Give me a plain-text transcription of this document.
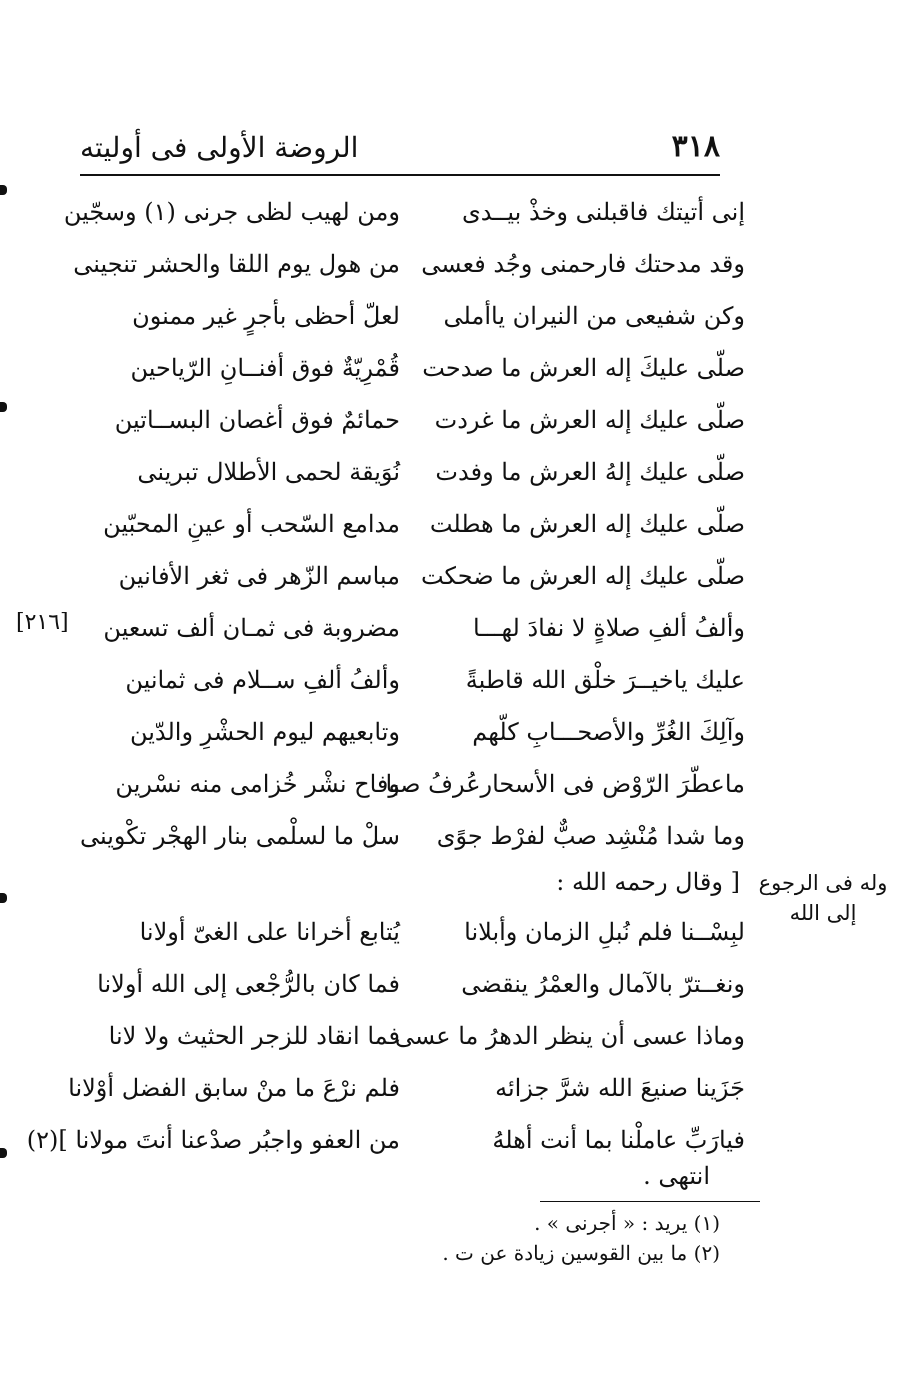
٣١٨
الروضة الأولى فى أوليته
إنى أتيتك فاقبلنى وخذْ بيــدى
ومن لهيب لظى جرنى (١) وسجّين
وقد مدحتك فارحمنى وجُد فعسى
من هول يوم اللقا والحشر تنجينى
وكن شفيعى من النيران ياأملى
لعلّ أحظى بأجرٍ غير ممنون
صلّى عليكَ إله العرش ما صدحت
قُمْرِيّةٌ فوق أفنــانِ الرّياحين
صلّى عليك إله العرش ما غردت
حمائمٌ فوق أغصان البســاتين
صلّى عليك إلهُ العرش ما وفدت
نُوَيقة لحمى الأطلال تبرينى
صلّى عليك إله العرش ما هطلت
مدامع السّحب أو عينِ المحبّين
صلّى عليك إله العرش ما ضحكت
مباسم الزّهر فى ثغر الأفانين
وألفُ ألفِ صلاةٍ لا نفادَ لهـــا
مضروبة فى ثمـان ألف تسعين
عليك ياخيــرَ خلْق الله قاطبةً
وألفُ ألفِ ســلام فى ثمانين
وآلِكَ الغُرِّ والأصحـــابِ كلّهم
وتابعيهم ليوم الحشْرِ والدّين
ماعطّرَ الرّوْض فى الأسحارعُرفُ صبا
وفاح نشْر خُزامى منه نسْرين
وما شدا مُنْشِد صبٌّ لفرْط جوًى
سلْ ما لسلْمى بنار الهجْر تكْوينى
[ وقال رحمه الله : وله فى الرجوع إلى الله
[٢١٦]
لبِسْــنا فلم نُبلِ الزمان وأبلانا
يُتابع أخرانا على الغىّ أولانا
ونغــترّ بالآمال والعمْرُ ينقضى
فما كان بالرُّجْعى إلى الله أولانا
وماذا عسى أن ينظر الدهرُ ما عسى
فما انقاد للزجر الحثيث ولا لانا
جَزَينا صنيعَ الله شرَّ جزائه
فلم نرْعَ ما منْ سابق الفضل أوْلانا
فيارَبِّ عاملْنا بما أنت أهلهُ
من العفو واجبُر صدْعنا أنتَ مولانا ](٢)
انتهى .
(١) يريد : « أجرنى » .
(٢) ما بين القوسين زيادة عن ت .
